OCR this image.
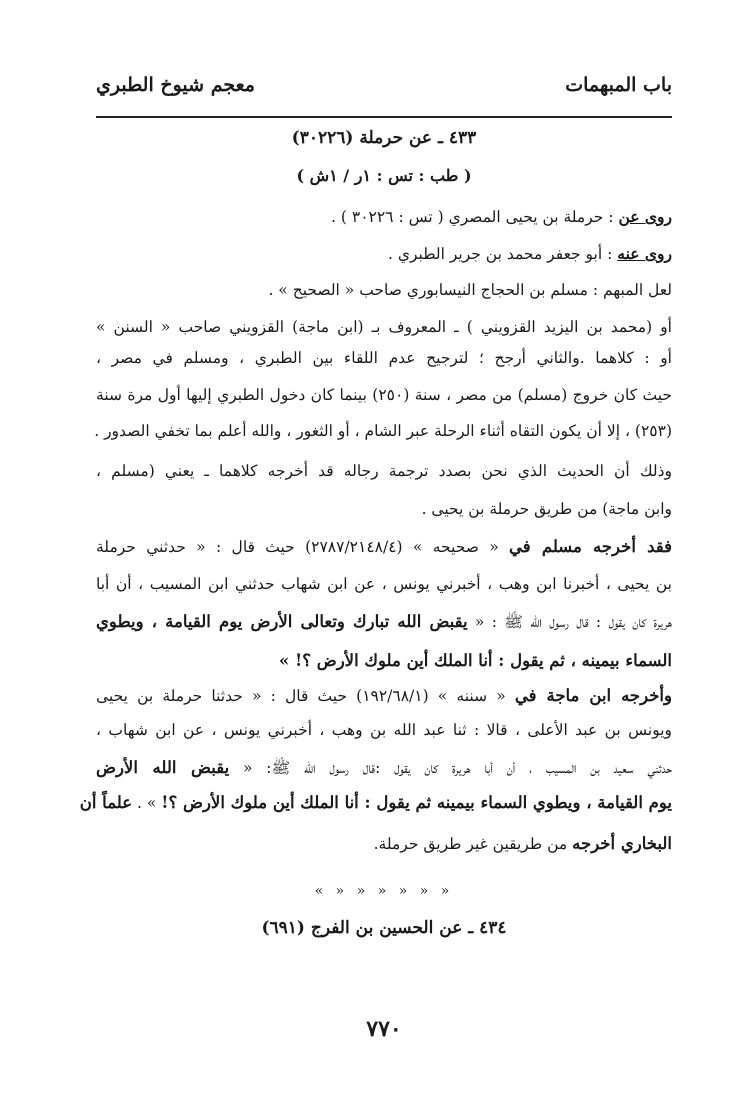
باب المبهمات
معجم شيوخ الطبري
٤٣٣ ـ عن حرملة (٣٠٢٢٦)
( طب : تس : ١ر / ١ش )
روى عن : حرملة بن يحيى المصري ( تس : ٣٠٢٢٦ ) .
روى عنه : أبو جعفر محمد بن جرير الطبري .
لعل المبهم : مسلم بن الحجاج النيسابوري صاحب « الصحيح » .
أو (محمد بن اليزيد القزويني ) ـ المعروف بـ (ابن ماجة) القزويني صاحب « السنن »
أو : كلاهما .والثاني أرجح ؛ لترجيح عدم اللقاء بين الطبري ، ومسلم في مصر ،
حيث كان خروج (مسلم) من مصر ، سنة (٢٥٠) بينما كان دخول الطبري إليها أول مرة سنة
(٢٥٣) ، إلا أن يكون التقاه أثناء الرحلة عبر الشام ، أو الثغور ، والله أعلم بما تخفي الصدور .
وذلك أن الحديث الذي نحن بصدد ترجمة رجاله قد أخرجه كلاهما ـ يعني (مسلم ،
وابن ماجة) من طريق حرملة بن يحيى .
فقد أخرجه مسلم في « صحيحه » (٢٧٨٧/٢١٤٨/٤) حيث قال : « حدثني حرملة
بن يحيى ، أخبرنا ابن وهب ، أخبرني يونس ، عن ابن شهاب حدثني ابن المسيب ، أن أبا
هريرة كان يقول : قال رسول الله ﷺ : « يقبض الله تبارك وتعالى الأرض يوم القيامة ، ويطوي
السماء بيمينه ، ثم يقول : أنا الملك أين ملوك الأرض ؟! »
وأخرجه ابن ماجة في « سننه » (١٩٢/٦٨/١) حيث قال : « حدثنا حرملة بن يحيى
ويونس بن عبد الأعلى ، قالا : ثنا عبد الله بن وهب ، أخبرني يونس ، عن ابن شهاب ،
حدثني سعيد بن المسيب ، أن أبا هريرة كان يقول :قال رسول الله ﷺ: « يقبض الله الأرض
يوم القيامة ، ويطوي السماء بيمينه ثم يقول : أنا الملك أين ملوك الأرض ؟! » . علماً أن
البخاري أخرجه من طريقين غير طريق حرملة.
« « « « « « »
٤٣٤ ـ عن الحسين بن الفرج (٦٩١)
٧٧٠
